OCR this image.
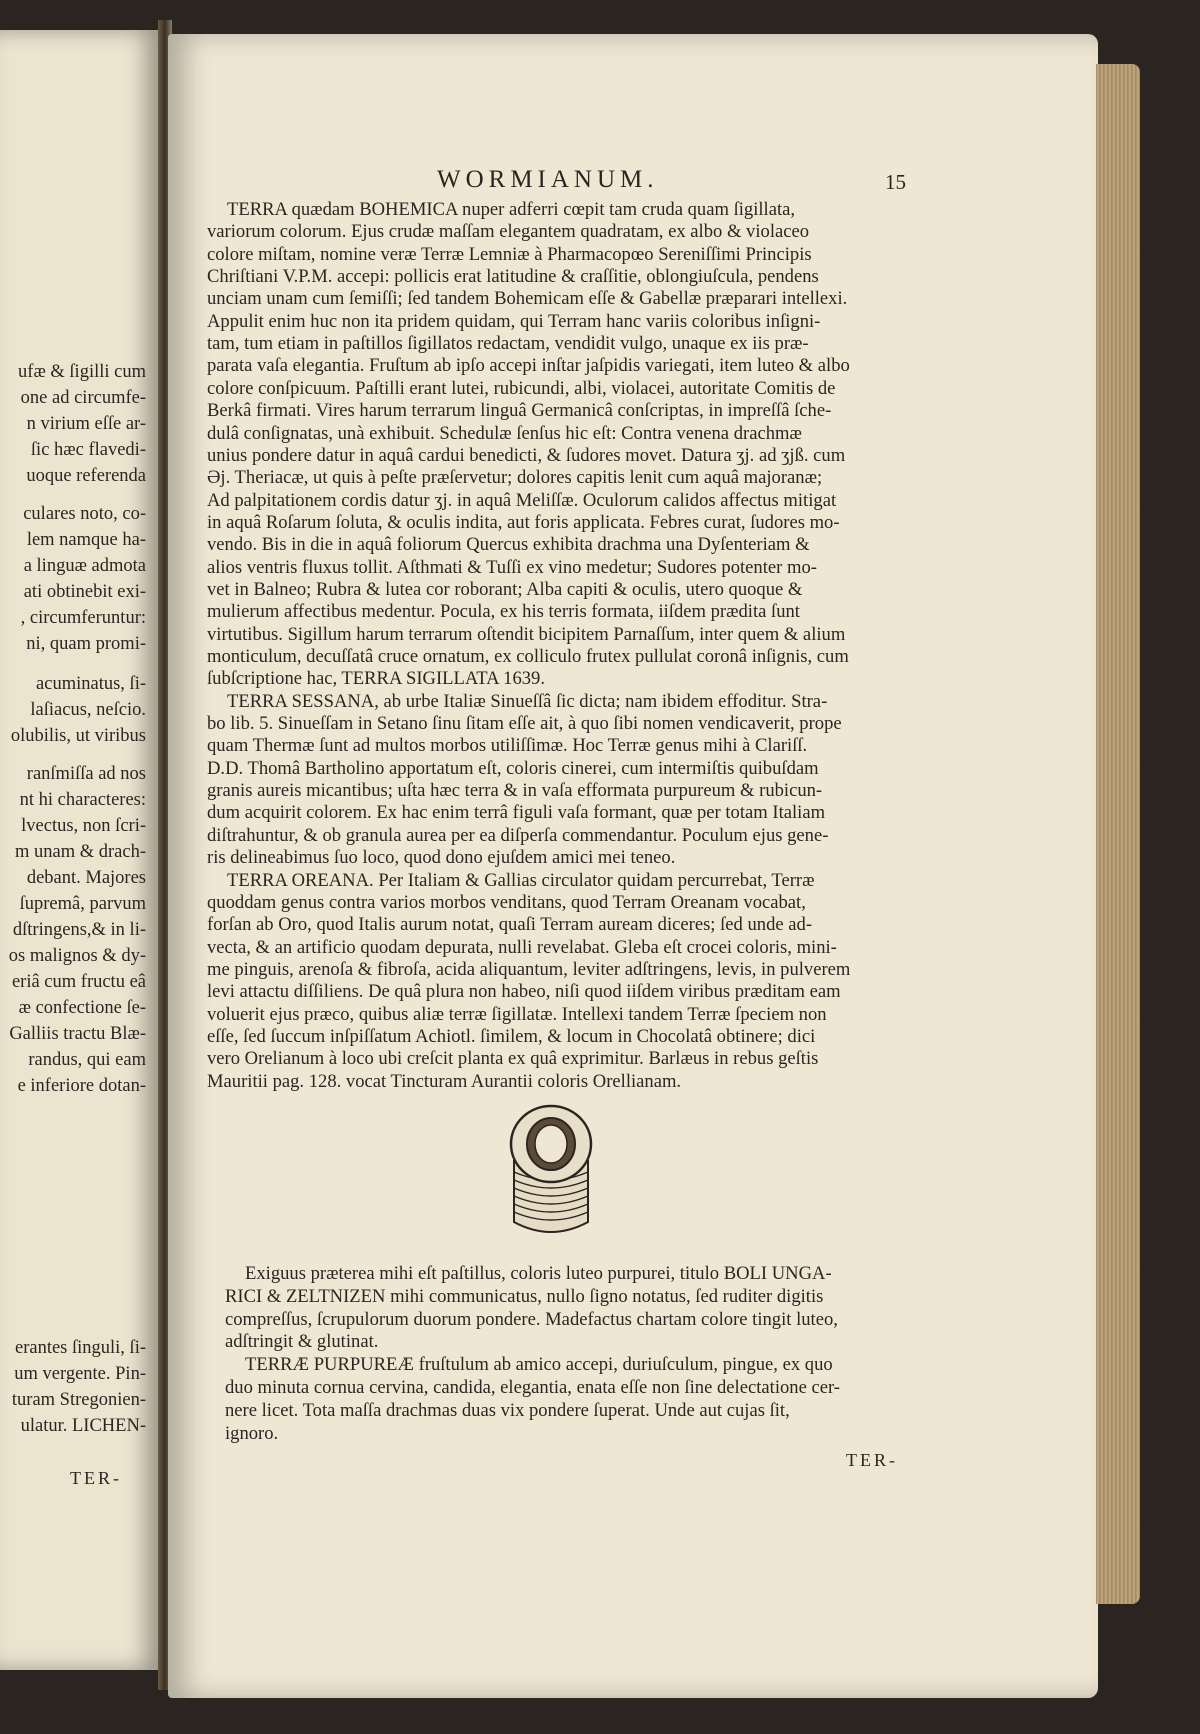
ufæ & ſigilli cum
one ad circumfe-
n virium eſſe ar-
ſic hæc flavedi-
uoque referenda
culares noto, co-
lem namque ha-
a linguæ admota
ati obtinebit exi-
, circumferuntur:
ni, quam promi-
acuminatus, ſi-
laſiacus, neſcio.
olubilis, ut viribus
ranſmiſſa ad nos
nt hi characteres:
lvectus, non ſcri-
m unam & drach-
debant. Majores
ſupremâ, parvum
dſtringens,& in li-
os malignos & dy-
eriâ cum fructu eâ
æ confectione ſe-
Galliis tractu Blæ-
randus, qui eam
e inferiore dotan-
erantes ſinguli, ſi-
um vergente. Pin-
turam Stregonien-
ulatur. LICHEN-
TER-
WORMIANUM.	15
TERRA quædam BOHEMICA nuper adferri cœpit tam cruda quam ſigillata,
variorum colorum. Ejus crudæ maſſam elegantem quadratam, ex albo & violaceo
colore miſtam, nomine veræ Terræ Lemniæ à Pharmacopœo Sereniſſimi Principis
Chriſtiani V.P.M. accepi: pollicis erat latitudine & craſſitie, oblongiuſcula, pendens
unciam unam cum ſemiſſi; ſed tandem Bohemicam eſſe & Gabellæ præparari intellexi.
Appulit enim huc non ita pridem quidam, qui Terram hanc variis coloribus inſigni-
tam, tum etiam in paſtillos ſigillatos redactam, vendidit vulgo, unaque ex iis præ-
parata vaſa elegantia. Fruſtum ab ipſo accepi inſtar jaſpidis variegati, item luteo & albo
colore conſpicuum. Paſtilli erant lutei, rubicundi, albi, violacei, autoritate Comitis de
Berkâ firmati. Vires harum terrarum linguâ Germanicâ conſcriptas, in impreſſâ ſche-
dulâ conſignatas, unà exhibuit. Schedulæ ſenſus hic eſt: Contra venena drachmæ
unius pondere datur in aquâ cardui benedicti, & ſudores movet. Datura ʒj. ad ʒjß. cum
Əj. Theriacæ, ut quis à peſte præſervetur; dolores capitis lenit cum aquâ majoranæ;
Ad palpitationem cordis datur ʒj. in aquâ Meliſſæ. Oculorum calidos affectus mitigat
in aquâ Roſarum ſoluta, & oculis indita, aut foris applicata. Febres curat, ſudores mo-
vendo. Bis in die in aquâ foliorum Quercus exhibita drachma una Dyſenteriam &
alios ventris fluxus tollit. Aſthmati & Tuſſi ex vino medetur; Sudores potenter mo-
vet in Balneo; Rubra & lutea cor roborant; Alba capiti & oculis, utero quoque &
mulierum affectibus medentur. Pocula, ex his terris formata, iiſdem prædita ſunt
virtutibus. Sigillum harum terrarum oſtendit bicipitem Parnaſſum, inter quem & alium
monticulum, decuſſatâ cruce ornatum, ex colliculo frutex pullulat coronâ inſignis, cum
ſubſcriptione hac, TERRA SIGILLATA 1639.
TERRA SESSANA, ab urbe Italiæ Sinueſſâ ſic dicta; nam ibidem effoditur. Stra-
bo lib. 5. Sinueſſam in Setano ſinu ſitam eſſe ait, à quo ſibi nomen vendicaverit, prope
quam Thermæ ſunt ad multos morbos utiliſſimæ. Hoc Terræ genus mihi à Clariſſ.
D.D. Thomâ Bartholino apportatum eſt, coloris cinerei, cum intermiſtis quibuſdam
granis aureis micantibus; uſta hæc terra & in vaſa efformata purpureum & rubicun-
dum acquirit colorem. Ex hac enim terrâ figuli vaſa formant, quæ per totam Italiam
diſtrahuntur, & ob granula aurea per ea diſperſa commendantur. Poculum ejus gene-
ris delineabimus ſuo loco, quod dono ejuſdem amici mei teneo.
TERRA OREANA. Per Italiam & Gallias circulator quidam percurrebat, Terræ
quoddam genus contra varios morbos venditans, quod Terram Oreanam vocabat,
forſan ab Oro, quod Italis aurum notat, quaſi Terram auream diceres; ſed unde ad-
vecta, & an artificio quodam depurata, nulli revelabat. Gleba eſt crocei coloris, mini-
me pinguis, arenoſa & fibroſa, acida aliquantum, leviter adſtringens, levis, in pulverem
levi attactu diſſiliens. De quâ plura non habeo, niſi quod iiſdem viribus præditam eam
voluerit ejus præco, quibus aliæ terræ ſigillatæ. Intellexi tandem Terræ ſpeciem non
eſſe, ſed ſuccum inſpiſſatum Achiotl. ſimilem, & locum in Chocolatâ obtinere; dici
vero Orelianum à loco ubi creſcit planta ex quâ exprimitur. Barlæus in rebus geſtis
Mauritii pag. 128. vocat Tincturam Aurantii coloris Orellianam.
Exiguus præterea mihi eſt paſtillus, coloris luteo purpurei, titulo BOLI UNGA-
RICI & ZELTNIZEN mihi communicatus, nullo ſigno notatus, ſed ruditer digitis
compreſſus, ſcrupulorum duorum pondere. Madefactus chartam colore tingit luteo,
adſtringit & glutinat.
TERRÆ PURPUREÆ fruſtulum ab amico accepi, duriuſculum, pingue, ex quo
duo minuta cornua cervina, candida, elegantia, enata eſſe non ſine delectatione cer-
nere licet. Tota maſſa drachmas duas vix pondere ſuperat. Unde aut cujas ſit,
ignoro.
TER-
